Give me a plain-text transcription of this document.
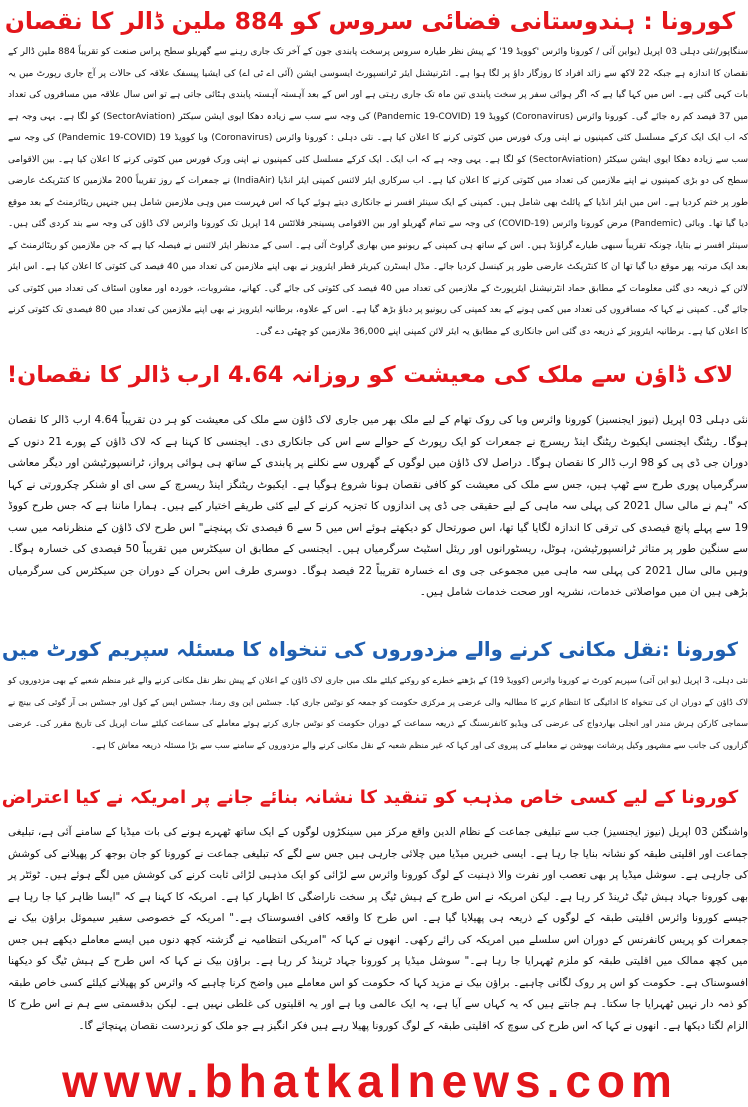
کورونا : ہندوستانی فضائی سروس کو 884 ملین ڈالر کا نقصان

سنگاپور/نئی دہلی 03 اپریل (یواین آئی / کورونا وائرس 'کوویڈ 19' کے پیش نظر طیارہ سروس پرسخت پابندی جون کے آخر تک جاری رہنے سے گھریلو سطح پراس صنعت کو تقریباً 884 ملین ڈالر کے نقصان کا اندازہ ہے جبکہ 22 لاکھ سے زائد افراد کا روزگار داؤ پر لگا ہوا ہے۔ انٹرنیشنل ایئر ٹرانسپورٹ ایسوسی ایشن (آئی اے ٹی اے) کی ایشیا پیسفک علاقہ کی حالات پر آج جاری رپورٹ میں یہ بات کہی گئی ہے۔ اس میں کہا گیا ہے کہ اگر ہوائی سفر پر سخت پابندی تین ماہ تک جاری رہتی ہے اور اس کے بعد آہستہ آہستہ پابندی ہٹائی جاتی ہے تو اس سال علاقہ میں مسافروں کی تعداد میں 37 فیصد کم رہ جائے گی۔ کورونا وائرس (Coronavirus) کوویڈ 19 (Pandemic 19-COVID) کی وجہ سے سب سے زیادہ دھکا ایوی ایشن سیکٹر (SectorAviation) کو لگا ہے۔ یہی وجہ ہے کہ اب ایک ایک کرکے مسلسل کئی کمپنیوں نے اپنی ورک فورس میں کٹوتی کرنے کا اعلان کیا ہے۔ نئی دہلی : کورونا وائرس (Coronavirus) وبا کوویڈ 19 (Pandemic 19-COVID) کی وجہ سے سب سے زیادہ دھکا ایوی ایشن سیکٹر (SectorAviation) کو لگا ہے۔ یہی وجہ ہے کہ اب ایک۔ ایک کرکے مسلسل کئی کمپنیوں نے اپنی ورک فورس میں کٹوتی کرنے کا اعلان کیا ہے۔ بین الاقوامی سطح کی دو بڑی کمپنیوں نے اپنے ملازمین کی تعداد میں کٹوتی کرنے کا اعلان کیا ہے۔ اب سرکاری ایئر لائنس کمپنی ایئر انڈیا (IndiaAir) نے جمعرات کے روز تقریباً 200 ملازمین کا کنٹریکٹ عارضی طور پر ختم کردیا ہے۔ اس میں ایئر انڈیا کے پائلٹ بھی شامل ہیں۔ کمپنی کے ایک سینئر افسر نے جانکاری دیتے ہوئے کہا کہ اس فہرست میں وہی ملازمین شامل ہیں جنہیں ریٹائرمنٹ کے بعد موقع دیا گیا تھا۔ وبائی (Pandemic) مرض کورونا وائرس (COVID-19) کی وجہ سے تمام گھریلو اور بین الاقوامی پسینجر فلائٹس 14 اپریل تک کورونا وائرس لاک ڈاؤن کی وجہ سے بند کردی گئی ہیں۔ سینئر افسر نے بتایا، چونکہ تقریباً سبھی طیارے گراؤنڈ ہیں۔ اس کے ساتھ ہی کمپنی کے ریونیو میں بھاری گراوٹ آئی ہے۔ اسی کے مدنظر ایئر لائنس نے فیصلہ کیا ہے کہ جن ملازمین کو ریٹائرمنٹ کے بعد ایک مرتبہ پھر موقع دیا گیا تھا ان کا کنٹریکٹ عارضی طور پر کینسل کردیا جائے۔ مڈل ایسٹرن کیریئر قطر ایئرویز نے بھی اپنے ملازمین کی تعداد میں 40 فیصد کی کٹوتی کا اعلان کیا ہے۔ اس ایئر لائن کے ذریعہ دی گئی معلومات کے مطابق حماد انٹرنیشنل ایئرپورٹ کے ملازمین کی تعداد میں 40 فیصد کی کٹوتی کی جائے گی۔ کھانے، مشروبات، خوردہ اور معاون اسٹاف کی تعداد میں کٹوتی کی جائے گی۔ کمپنی نے کہا کہ مسافروں کی تعداد میں کمی ہونے کے بعد کمپنی کی ریونیو پر دباؤ بڑھ گیا ہے۔ اس کے علاوہ، برطانیہ ایئرویز نے بھی اپنے ملازمین کی تعداد میں 80 فیصدی تک کٹوتی کرنے کا اعلان کیا ہے۔ برطانیہ ایئرویز کے ذریعہ دی گئی اس جانکاری کے مطابق یہ ایئر لائن کمپنی اپنے 36,000 ملازمین کو چھٹی دے گی۔

لاک ڈاؤن سے ملک کی معیشت کو روزانہ 4.64 ارب ڈالر کا نقصان!

نئی دہلی 03 اپریل (نیوز ایجنسیز) کورونا وائرس وبا کی روک تھام کے لیے ملک بھر میں جاری لاک ڈاؤن سے ملک کی معیشت کو ہر دن تقریباً 4.64 ارب ڈالر کا نقصان ہوگا۔ ریٹنگ ایجنسی ایکیوٹ ریٹنگ اینڈ ریسرچ نے جمعرات کو ایک رپورٹ کے حوالے سے اس کی جانکاری دی۔ ایجنسی کا کہنا ہے کہ لاک ڈاؤن کے پورے 21 دنوں کے دوران جی ڈی پی کو 98 ارب ڈالر کا نقصان ہوگا۔ دراصل لاک ڈاؤن میں لوگوں کے گھروں سے نکلنے پر پابندی کے ساتھ ہی ہوائی پرواز، ٹرانسپورٹیشن اور دیگر معاشی سرگرمیاں پوری طرح سے ٹھپ ہیں، جس سے ملک کی معیشت کو کافی نقصان ہونا شروع ہوگیا ہے۔ ایکیوٹ ریٹنگز اینڈ ریسرچ کے سی ای او شنکر چکرورتی نے کہا کہ "ہم نے مالی سال 2021 کی پہلی سہ ماہی کے لیے حقیقی جی ڈی پی اندازوں کا تجزیہ کرنے کے لیے کئی طریقے اختیار کیے ہیں۔ ہمارا ماننا ہے کہ جس طرح کووڈ 19 سے پہلے پانچ فیصدی کی ترقی کا اندازہ لگایا گیا تھا، اس صورتحال کو دیکھتے ہوئے اس میں 5 سے 6 فیصدی تک پہنچنے" اس طرح لاک ڈاؤن کے منظرنامہ میں سب سے سنگین طور پر متاثر ٹرانسپورٹیشن، ہوٹل، ریسٹورانوں اور ریئل اسٹیٹ سرگرمیاں ہیں۔ ایجنسی کے مطابق ان سیکٹرس میں تقریباً 50 فیصدی کی خسارہ ہوگا۔ وہیں مالی سال 2021 کی پہلی سہ ماہی میں مجموعی جی وی اے خسارہ تقریباً 22 فیصد ہوگا۔ دوسری طرف اس بحران کے دوران جن سیکٹرس کی سرگرمیاں بڑھی ہیں ان میں مواصلاتی خدمات، نشریہ اور صحت خدمات شامل ہیں۔

کورونا :نقل مکانی کرنے والے مزدوروں کی تنخواہ کا مسئلہ سپریم کورٹ میں

نئی دہلی، 3 اپریل (یو این آئی) سپریم کورٹ نے کورونا وائرس (کوویڈ 19) کے بڑھتے خطرے کو روکنے کیلئے ملک میں جاری لاک ڈاؤن کے اعلان کے پیش نظر نقل مکانی کرنے والے غیر منظم شعبے کے بھی مزدوروں کو لاک ڈاؤن کے دوران ان کی تنخواہ کا ادائیگی کا انتظام کرنے کا مطالبہ والی عرضی پر مرکزی حکومت کو جمعہ کو نوٹس جاری کیا۔ جسٹس این وی رمنا، جسٹس ایس کے کول اور جسٹس بی آر گوئی کی بینچ نے سماجی کارکن ہرش مندر اور انجلی بھاردواج کی عرضی کی ویڈیو کانفرنسنگ کے ذریعہ سماعت کے دوران حکومت کو نوٹس جاری کرتے ہوئے معاملے کی سماعت کیلئے سات اپریل کی تاریخ مقرر کی۔ عرضی گزاروں کی جانب سے مشہور وکیل پرشانت بھوشن نے معاملے کی پیروی کی اور کہا کہ غیر منظم شعبہ کے نقل مکانی کرنے والے مزدوروں کے سامنے سب سے بڑا مسئلہ ذریعہ معاش کا ہے۔

کورونا کے لیے کسی خاص مذہب کو تنقید کا نشانہ بنائے جانے پر امریکہ نے کیا اعتراض

واشنگٹن 03 اپریل (نیوز ایجنسیز) جب سے تبلیغی جماعت کے نظام الدین واقع مرکز میں سینکڑوں لوگوں کے ایک ساتھ ٹھہرے ہونے کی بات میڈیا کے سامنے آئی ہے، تبلیغی جماعت اور اقلیتی طبقہ کو نشانہ بنایا جا رہا ہے۔ ایسی خبریں میڈیا میں چلائی جارہی ہیں جس سے لگے کہ تبلیغی جماعت نے کورونا کو جان بوجھ کر پھیلانے کی کوشش کی جارہی ہے۔ سوشل میڈیا پر بھی تعصب اور نفرت والا ذہنیت کے لوگ کورونا وائرس سے لڑائی کو ایک مذہبی لڑائی ثابت کرنے کی کوشش میں لگے ہوئے ہیں۔ ٹوئٹر پر بھی کورونا جہاد ہیش ٹیگ ٹرینڈ کر رہا ہے۔ لیکن امریکہ نے اس طرح کے ہیش ٹیگ پر سخت ناراضگی کا اظہار کیا ہے۔ امریکہ کا کہنا ہے کہ "ایسا ظاہر کیا جا رہا ہے جیسے کورونا وائرس اقلیتی طبقہ کے لوگوں کے ذریعہ ہی پھیلایا گیا ہے۔ اس طرح کا واقعہ کافی افسوسناک ہے۔" امریکہ کے خصوصی سفیر سیموئل براؤن بیک نے جمعرات کو پریس کانفرنس کے دوران اس سلسلے میں امریکہ کی رائے رکھی۔ انھوں نے کہا کہ "امریکی انتظامیہ نے گزشتہ کچھ دنوں میں ایسے معاملے دیکھے ہیں جس میں کچھ ممالک میں اقلیتی طبقہ کو ملزم ٹھہرایا جا رہا ہے۔" سوشل میڈیا پر کورونا جہاد ٹرینڈ کر رہا ہے۔ براؤن بیک نے کہا کہ اس طرح کے ہیش ٹیگ کو دیکھنا افسوسناک ہے۔ حکومت کو اس پر روک لگانی چاہیے۔ براؤن بیک نے مزید کہا کہ حکومت کو اس معاملے میں واضح کرنا چاہیے کہ وائرس کو پھیلانے کیلئے کسی خاص طبقہ کو ذمہ دار نہیں ٹھہرایا جا سکتا۔ ہم جانتے ہیں کہ یہ کہاں سے آیا ہے، یہ ایک عالمی وبا ہے اور یہ اقلیتوں کی غلطی نہیں ہے۔ لیکن بدقسمتی سے ہم نے اس طرح کا الزام لگتا دیکھا ہے۔ انھوں نے کہا کہ اس طرح کی سوچ کہ اقلیتی طبقہ کے لوگ کورونا پھیلا رہے ہیں فکر انگیز ہے جو ملک کو زبردست نقصان پہنچائے گا۔

www.bhatkalnews.com
